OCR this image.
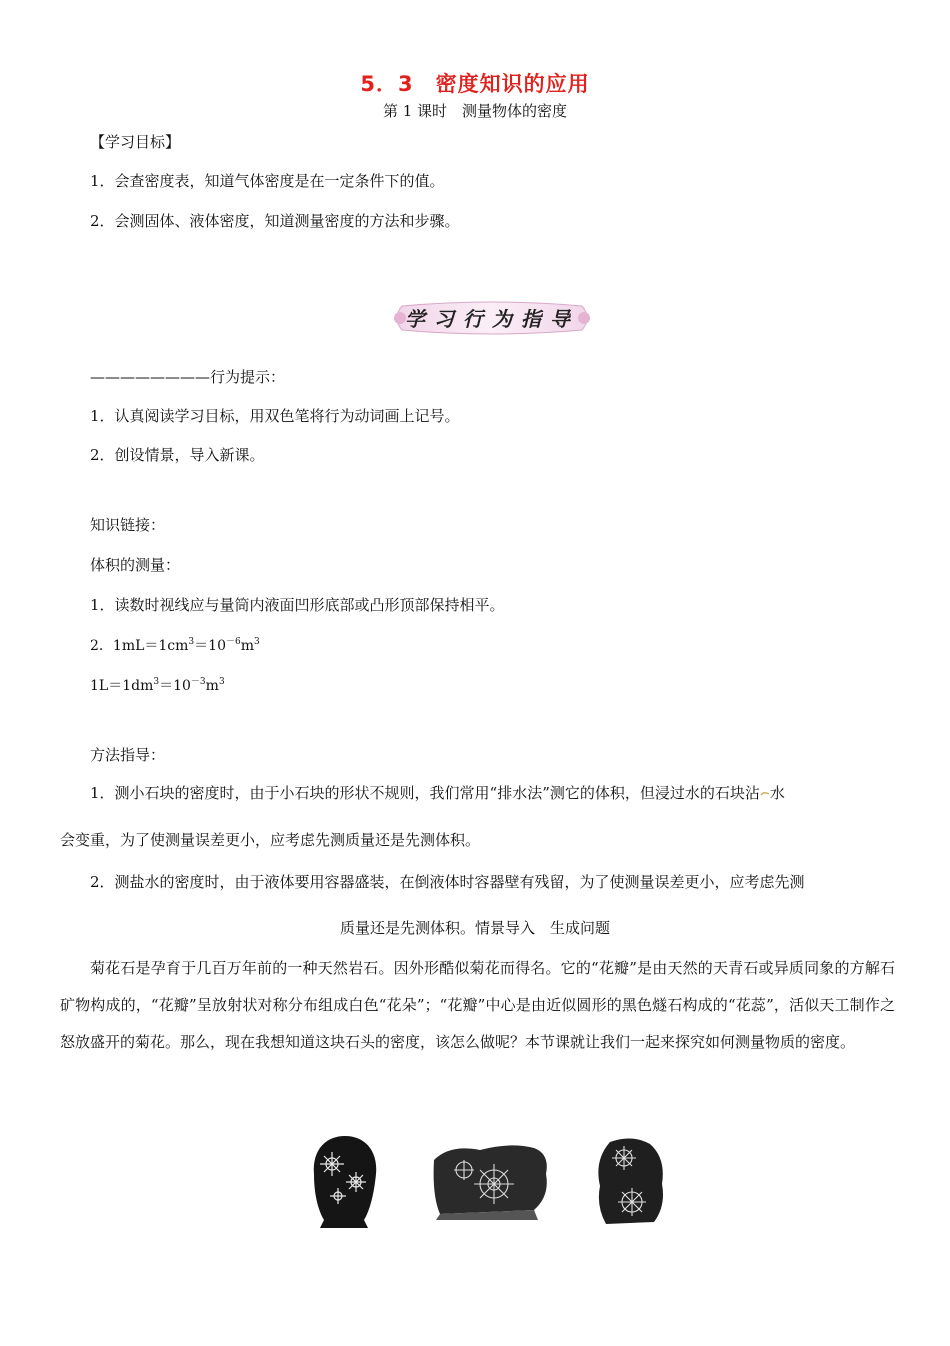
5．3　密度知识的应用
第 1 课时　测量物体的密度
【学习目标】
1．会查密度表，知道气体密度是在一定条件下的值。
2．会测固体、液体密度，知道测量密度的方法和步骤。
学习行为指导
————————行为提示：
1．认真阅读学习目标，用双色笔将行为动词画上记号。
2．创设情景，导入新课。
知识链接：
体积的测量：
1．读数时视线应与量筒内液面凹形底部或凸形顶部保持相平。
2．$1mL=1cm^3=10^{-6}m^3$
$1L=1dm^3=10^{-3}m^3$
方法指导：
1．测小石块的密度时，由于小石块的形状不规则，我们常用“排水法”测它的体积，但浸过水的石块沾 水
会变重，为了使测量误差更小，应考虑先测质量还是先测体积。
2．测盐水的密度时，由于液体要用容器盛装，在倒液体时容器壁有残留，为了使测量误差更小，应考虑先测
质量还是先测体积。情景导入　生成问题
菊花石是孕育于几百万年前的一种天然岩石。因外形酷似菊花而得名。它的“花瓣”是由天然的天青石或异质同象的方解石矿物构成的，“花瓣”呈放射状对称分布组成白色“花朵”；“花瓣”中心是由近似圆形的黑色燧石构成的“花蕊”，活似天工制作之怒放盛开的菊花。那么，现在我想知道这块石头的密度，该怎么做呢？本节课就让我们一起来探究如何测量物质的密度。
